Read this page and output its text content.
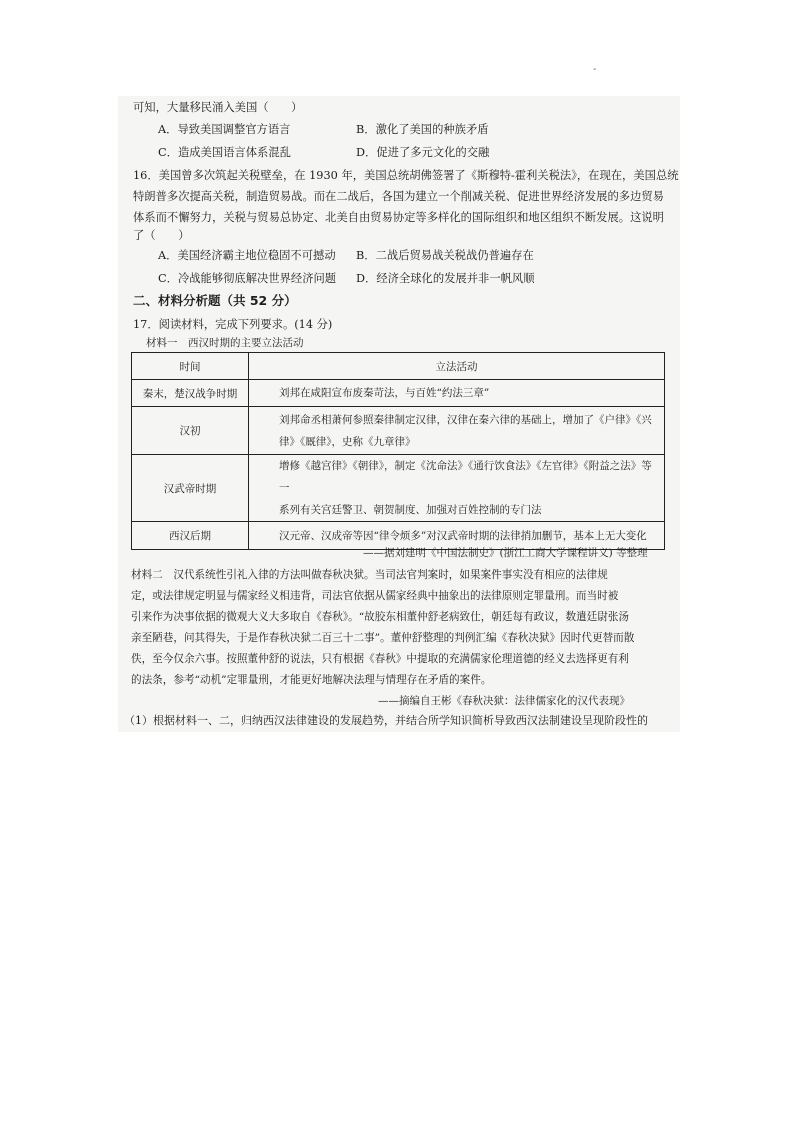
-
可知，大量移民涌入美国（　　）
A．导致美国调整官方语言	B．激化了美国的种族矛盾
C．造成美国语言体系混乱	D．促进了多元文化的交融
16．美国曾多次筑起关税壁垒，在 1930 年，美国总统胡佛签署了《斯穆特-霍利关税法》，在现在，美国总统
特朗普多次提高关税，制造贸易战。而在二战后，各国为建立一个削减关税、促进世界经济发展的多边贸易
体系而不懈努力，关税与贸易总协定、北美自由贸易协定等多样化的国际组织和地区组织不断发展。这说明
了（　　）
A．美国经济霸主地位稳固不可撼动 B．二战后贸易战关税战仍普遍存在
C．冷战能够彻底解决世界经济问题 D．经济全球化的发展并非一帆风顺
二、材料分析题（共 52 分）
17．阅读材料，完成下列要求。(14 分)
材料一　西汉时期的主要立法活动
时间	立法活动
秦末，楚汉战争时期	刘邦在咸阳宣布废秦苛法，与百姓“约法三章”

汉初	刘邦命丞相萧何参照秦律制定汉律，汉律在秦六律的基础上，增加了《户律》《兴
律》《厩律》，史称《九章律》

汉武帝时期	增修《越宫律》《朝律》，制定《沈命法》《通行饮食法》《左官律》《附益之法》等一
系列有关宫廷警卫、朝贺制度、加强对百姓控制的专门法

西汉后期	汉元帝、汉成帝等因“律令烦多”对汉武帝时期的法律捎加删节，基本上无大变化
——据刘建明《中国法制史》(浙江工商大学课程讲义) 等整理
材料二　汉代系统性引礼入律的方法叫做春秋决狱。当司法官判案时，如果案件事实没有相应的法律规
定，或法律规定明显与儒家经义相违背，司法官依据从儒家经典中抽象出的法律原则定罪量刑。而当时被
引来作为决事依据的微观大义大多取自《春秋》。“故胶东相董仲舒老病致仕，朝廷每有政议，数遣廷尉张汤
亲至陋巷，问其得失，于是作春秋决狱二百三十二事”。董仲舒整理的判例汇编《春秋决狱》因时代更替而散
佚，至今仅余六事。按照董仲舒的说法，只有根据《春秋》中提取的充满儒家伦理道德的经义去选择更有利
的法条，参考“动机”定罪量刑，才能更好地解决法理与情理存在矛盾的案件。
——摘编自王彬《春秋决狱：法律儒家化的汉代表现》
（1）根据材料一、二，归纳西汉法律建设的发展趋势，并结合所学知识简析导致西汉法制建设呈现阶段性的
